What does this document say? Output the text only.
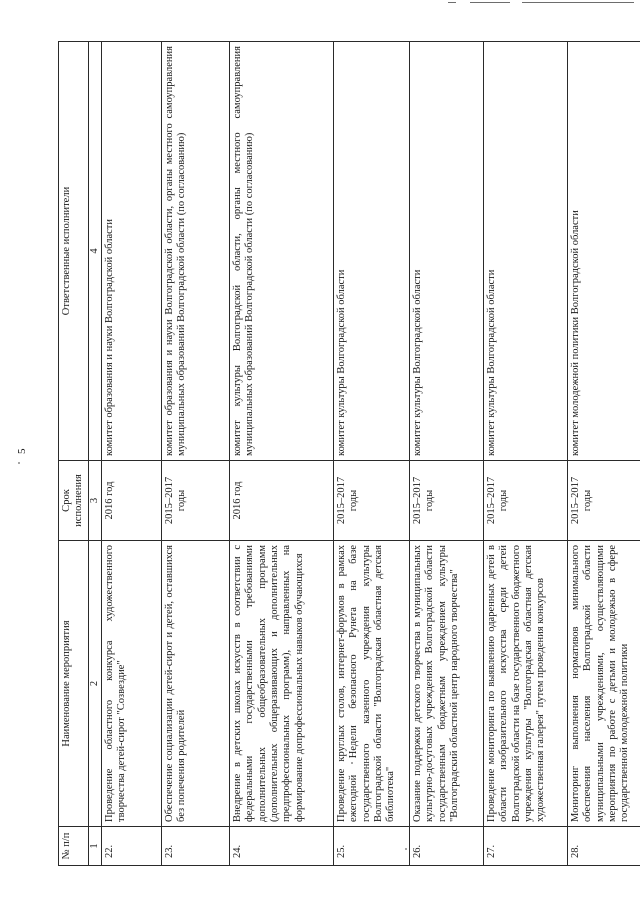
5
№ п/п	Наименование мероприятия	Срок исполнения	Ответственные исполнители
1	2	3	4
22.	Проведение областного конкурса художественного творчества детей-сирот "Созвездие"	2016 год	комитет образования и науки Волгоградской области
23.	Обеспечение социализации детей-сирот и детей, оставшихся без попечения родителей	2015–2017 годы	комитет образования и науки Волгоградской области, органы местного самоуправления муниципальных образований Волгоградской области (по согласованию)
24.	Внедрение в детских школах искусств в соответствии с федеральными государственными требованиями дополнительных общеобразовательных программ (дополнительных общеразвивающих и дополнительных предпрофессиональных программ), направленных на формирование допрофессиональных навыков обучающихся	2016 год	комитет культуры Волгоградской области, органы местного самоуправления муниципальных образований Волгоградской области (по согласованию)
25.	Проведение круглых столов, интернет-форумов в рамках ежегодной Недели безопасного Рунета на базе государственного казенного учреждения культуры Волгоградской области "Волгоградская областная детская библиотека"	2015–2017 годы	комитет культуры Волгоградской области
26.	Оказание поддержки детского творчества в муниципальных культурно-досуговых учреждениях Волгоградской области государственным бюджетным учреждением культуры "Волгоградский областной центр народного творчества"	2015–2017 годы	комитет культуры Волгоградской области
27.	Проведение мониторинга по выявлению одаренных детей в области изобразительного искусства среди детей Волгоградской области на базе государственного бюджетного учреждения культуры "Волгоградская областная детская художественная галерея" путем проведения конкурсов	2015–2017 годы	комитет культуры Волгоградской области
28.	Мониторинг выполнения нормативов минимального обеспечения населения Волгоградской области муниципальными учреждениями, осуществляющими мероприятия по работе с детьми и молодежью в сфере государственной молодежной политики	2015–2017 годы	комитет молодежной политики Волгоградской области
